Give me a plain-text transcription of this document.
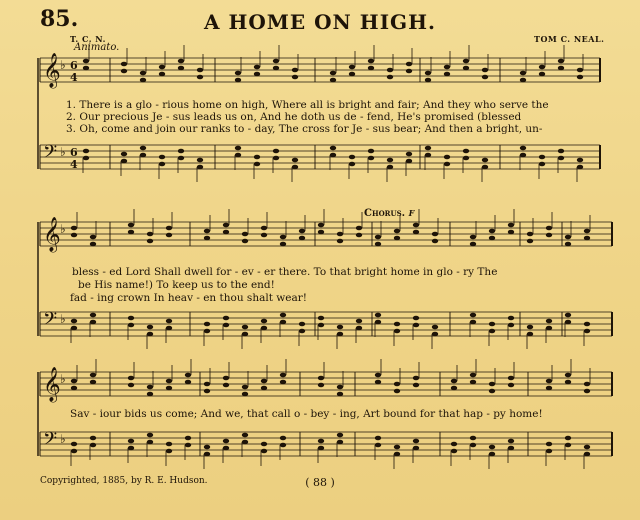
85.	A HOME ON HIGH.
T. C. N.	TOM C. NEAL.
Animato.
𝄞 ♭ 6
4
𝄢 ♭ 6
4
𝄞 ♭
𝄢 ♭
𝄞 ♭
𝄢 ♭
1. There is a glo - rious home on high, Where all is bright and fair; And they who serve the
2. Our precious Je - sus leads us on, And he doth us de - fend, He's promised (blessed
3. Oh, come and join our ranks to - day, The cross for Je - sus bear; And then a bright, un-
Chorus. f
bless - ed Lord Shall dwell for - ev - er there. To that bright home in glo - ry The
be His name!) To keep us to the end!
fad - ing crown In heav - en thou shalt wear!
Sav - iour bids us come; And we, that call o - bey - ing, Art bound for that hap - py home!
Copyrighted, 1885, by R. E. Hudson.	( 88 )
